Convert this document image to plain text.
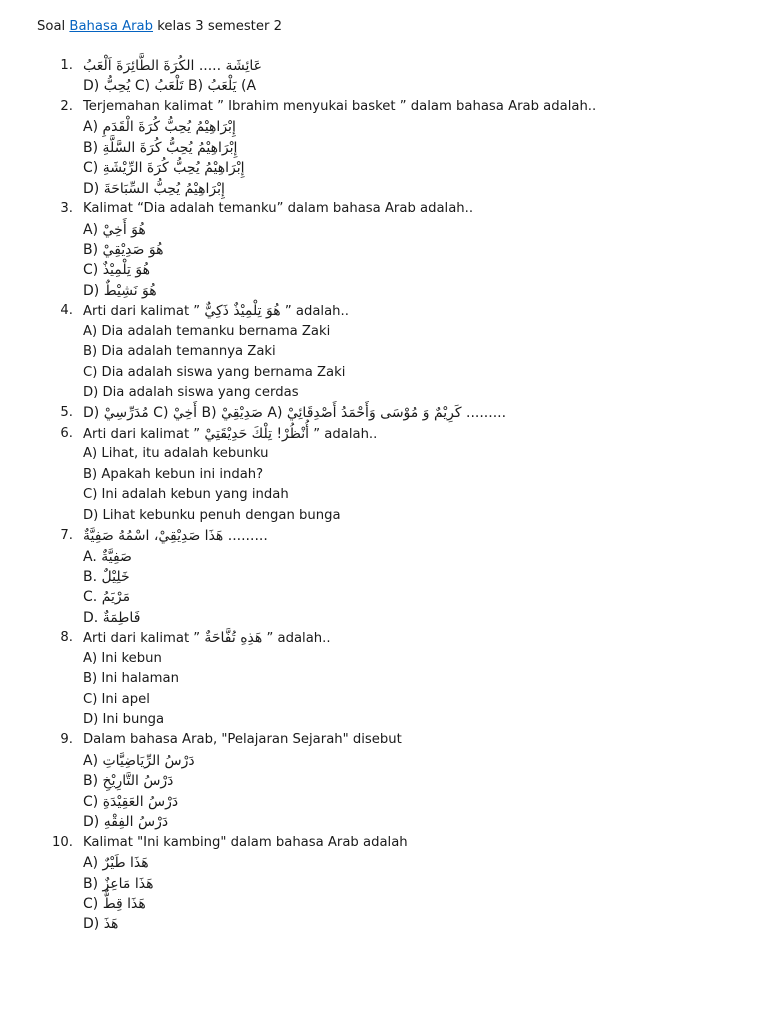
Soal Bahasa Arab kelas 3 semester 2
1. عَائِشَة ..... الكُرَةَ الطَّائِرَةَ اَلْعَبُ
A) يَلْعَبُ (B تَلْعَبُ (C يُحِبُّ (D
2. Terjemahan kalimat ” Ibrahim menyukai basket ” dalam bahasa Arab adalah..
A) إِبْرَاهِيْمُ يُحِبُّ كُرَةَ الْقَدَمِ
B) إِبْرَاهِيْمُ يُحِبُّ كُرَةَ السَّلَّةِ
C) إِبْرَاهِيْمُ يُحِبُّ كُرَةَ الرِّيْشَةِ
D) إِبْرَاهِيْمُ يُحِبُّ السِّبَاحَةَ
3. Kalimat “Dia adalah temanku” dalam bahasa Arab adalah..
A) هُوَ أَخِيْ
B) هُوَ صَدِيْقِيْ
C) هُوَ تِلْمِيْذٌ
D) هُوَ نَشِيْطٌ
4. Arti dari kalimat ” هُوَ تِلْمِيْذٌ ذَكِيٌّ ” adalah..
A) Dia adalah temanku bernama Zaki
B) Dia adalah temannya Zaki
C) Dia adalah siswa yang bernama Zaki
D) Dia adalah siswa yang cerdas
5. ......... كَرِيْمٌ وَ مُوْسَى وَأَحْمَدُ أَصْدِقَائِيْ (A صَدِيْقِيْ (B أَخِيْ (C مُدَرِّسِيْ (D
6. Arti dari kalimat ” أُنْظُرْ! تِلْكَ حَدِيْقَتِيْ ” adalah..
A) Lihat, itu adalah kebunku
B) Apakah kebun ini indah?
C) Ini adalah kebun yang indah
D) Lihat kebunku penuh dengan bunga
7. ......... هَذَا صَدِيْقِيْ، اسْمُهُ صَفِيَّةٌ
A. صَفِيَّةٌ
B. خَلِيْلٌ
C. مَرْيَمُ
D. فَاطِمَةٌ
8. Arti dari kalimat ” هَذِهِ تُفَّاحَةٌ ” adalah..
A) Ini kebun
B) Ini halaman
C) Ini apel
D) Ini bunga
9. Dalam bahasa Arab, "Pelajaran Sejarah" disebut
A) دَرْسُ الرِّيَاضِيَّاتِ
B) دَرْسُ التَّارِيْخِ
C) دَرْسُ العَقِيْدَةِ
D) دَرْسُ الفِقْهِ
10. Kalimat "Ini kambing" dalam bahasa Arab adalah
A) هَذَا طَيْرٌ
B) هَذَا مَاعِزٌ
C) هَذَا قِطٌّ
D) هَذَ
